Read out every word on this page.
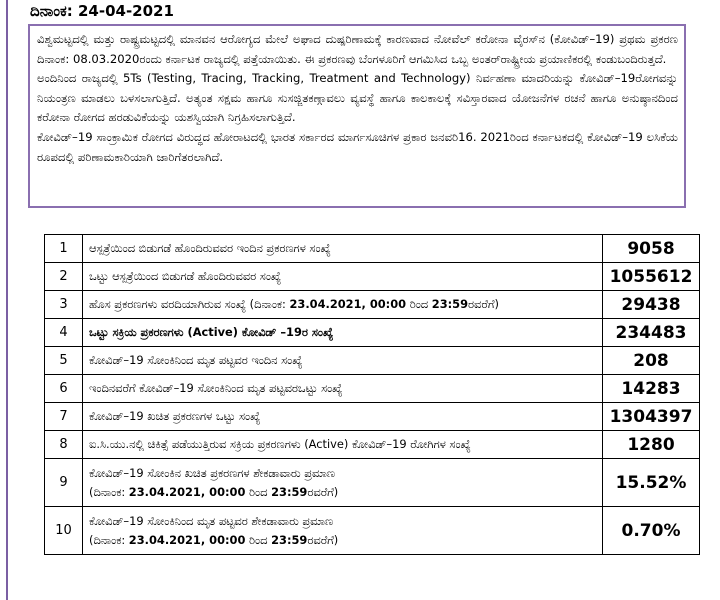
ದಿನಾಂಕ: 24-04-2021

ವಿಶ್ವಮಟ್ಟದಲ್ಲಿ ಮತ್ತು ರಾಷ್ಟ್ರಮಟ್ಟದಲ್ಲಿ ಮಾನವನ ಆರೋಗ್ಯದ ಮೇಲೆ ಅಘಾದ ದುಷ್ಪರಿಣಾಮಕ್ಕೆ ಕಾರಣವಾದ ನೋವೆಲ್ ಕರೋನಾ ವೈರಸ್‌ನ (ಕೋವಿಡ್–19) ಪ್ರಥಮ ಪ್ರಕರಣ ದಿನಾಂಕ: 08.03.2020ರಂದು ಕರ್ನಾಟಕ ರಾಜ್ಯದಲ್ಲಿ ಪತ್ತೆಯಾಯಿತು. ಈ ಪ್ರಕರಣವು ಬೆಂಗಳೂರಿಗೆ ಆಗಮಿಸಿದ ಒಬ್ಬ ಅಂತರ್‌ರಾಷ್ಟ್ರೀಯ ಪ್ರಯಾಣಿಕರಲ್ಲಿ ಕಂಡುಬಂದಿರುತ್ತದೆ.

ಅಂದಿನಿಂದ ರಾಜ್ಯದಲ್ಲಿ 5Ts (Testing, Tracing, Tracking, Treatment and Technology) ನಿರ್ವಹಣಾ ಮಾದರಿಯನ್ನು ಕೋವಿಡ್–19ರೋಗವನ್ನು ನಿಯಂತ್ರಣ ಮಾಡಲು ಬಳಸಲಾಗುತ್ತಿದೆ. ಅತ್ಯಂತ ಸಕ್ಷಮ ಹಾಗೂ ಸುಸಜ್ಜಿತಕಣ್ಗಾವಲು ವ್ಯವಸ್ಥೆ ಹಾಗೂ ಕಾಲಕಾಲಕ್ಕೆ ಸವಿಸ್ತಾರವಾದ ಯೋಜನೆಗಳ ರಚನೆ ಹಾಗೂ ಅನುಷ್ಠಾನದಿಂದ ಕರೋನಾ ರೋಗದ ಹರಡುವಿಕೆಯನ್ನು ಯಶಸ್ವಿಯಾಗಿ ನಿಗ್ರಹಿಸಲಾಗುತ್ತಿದೆ.

ಕೋವಿಡ್–19 ಸಾಂಕ್ರಾಮಿಕ ರೋಗದ ವಿರುದ್ಧದ ಹೋರಾಟದಲ್ಲಿ ಭಾರತ ಸರ್ಕಾರದ ಮಾರ್ಗಸೂಚಿಗಳ ಪ್ರಕಾರ ಜನವರಿ16. 2021ರಿಂದ ಕರ್ನಾಟಕದಲ್ಲಿ ಕೋವಿಡ್–19 ಲಸಿಕೆಯ ರೂಪದಲ್ಲಿ ಪರಿಣಾಮಕಾರಿಯಾಗಿ ಜಾರಿಗೆತರಲಾಗಿದೆ.

1	ಆಸ್ಪತ್ರೆಯಿಂದ ಬಿಡುಗಡೆ ಹೊಂದಿರುವವರ ಇಂದಿನ ಪ್ರಕರಣಗಳ ಸಂಖ್ಯೆ	9058
2	ಒಟ್ಟು ಆಸ್ಪತ್ರೆಯಿಂದ ಬಿಡುಗಡೆ ಹೊಂದಿರುವವರ ಸಂಖ್ಯೆ	1055612
3	ಹೊಸ ಪ್ರಕರಣಗಳು ವರದಿಯಾಗಿರುವ ಸಂಖ್ಯೆ (ದಿನಾಂಕ: 23.04.2021, 00:00 ರಿಂದ 23:59ರವರೆಗೆ)	29438
4	ಒಟ್ಟು ಸಕ್ರಿಯ ಪ್ರಕರಣಗಳು (Active) ಕೋವಿಡ್ –19ರ ಸಂಖ್ಯೆ	234483
5	ಕೋವಿಡ್–19 ಸೋಂಕಿನಿಂದ ಮೃತ ಪಟ್ಟವರ ಇಂದಿನ ಸಂಖ್ಯೆ	208
6	ಇಂದಿನವರೆಗೆ ಕೋವಿಡ್–19 ಸೋಂಕಿನಿಂದ ಮೃತ ಪಟ್ಟವರಒಟ್ಟು ಸಂಖ್ಯೆ	14283
7	ಕೋವಿಡ್–19 ಖಚಿತ ಪ್ರಕರಣಗಳ ಒಟ್ಟು ಸಂಖ್ಯೆ	1304397
8	ಐ.ಸಿ.ಯು.ನಲ್ಲಿ ಚಿಕಿತ್ಸೆ ಪಡೆಯುತ್ತಿರುವ ಸಕ್ರಿಯ ಪ್ರಕರಣಗಳು (Active) ಕೋವಿಡ್–19 ರೋಗಿಗಳ ಸಂಖ್ಯೆ	1280
9	ಕೋವಿಡ್–19 ಸೋಂಕಿನ ಖಚಿತ ಪ್ರಕರಣಗಳ ಶೇಕಡಾವಾರು ಪ್ರಮಾಣ
(ದಿನಾಂಕ: 23.04.2021, 00:00 ರಿಂದ 23:59ರವರೆಗೆ)	15.52%
10	ಕೋವಿಡ್–19 ಸೋಂಕಿನಿಂದ ಮೃತ ಪಟ್ಟವರ ಶೇಕಡಾವಾರು ಪ್ರಮಾಣ
(ದಿನಾಂಕ: 23.04.2021, 00:00 ರಿಂದ 23:59ರವರೆಗೆ)	0.70%
